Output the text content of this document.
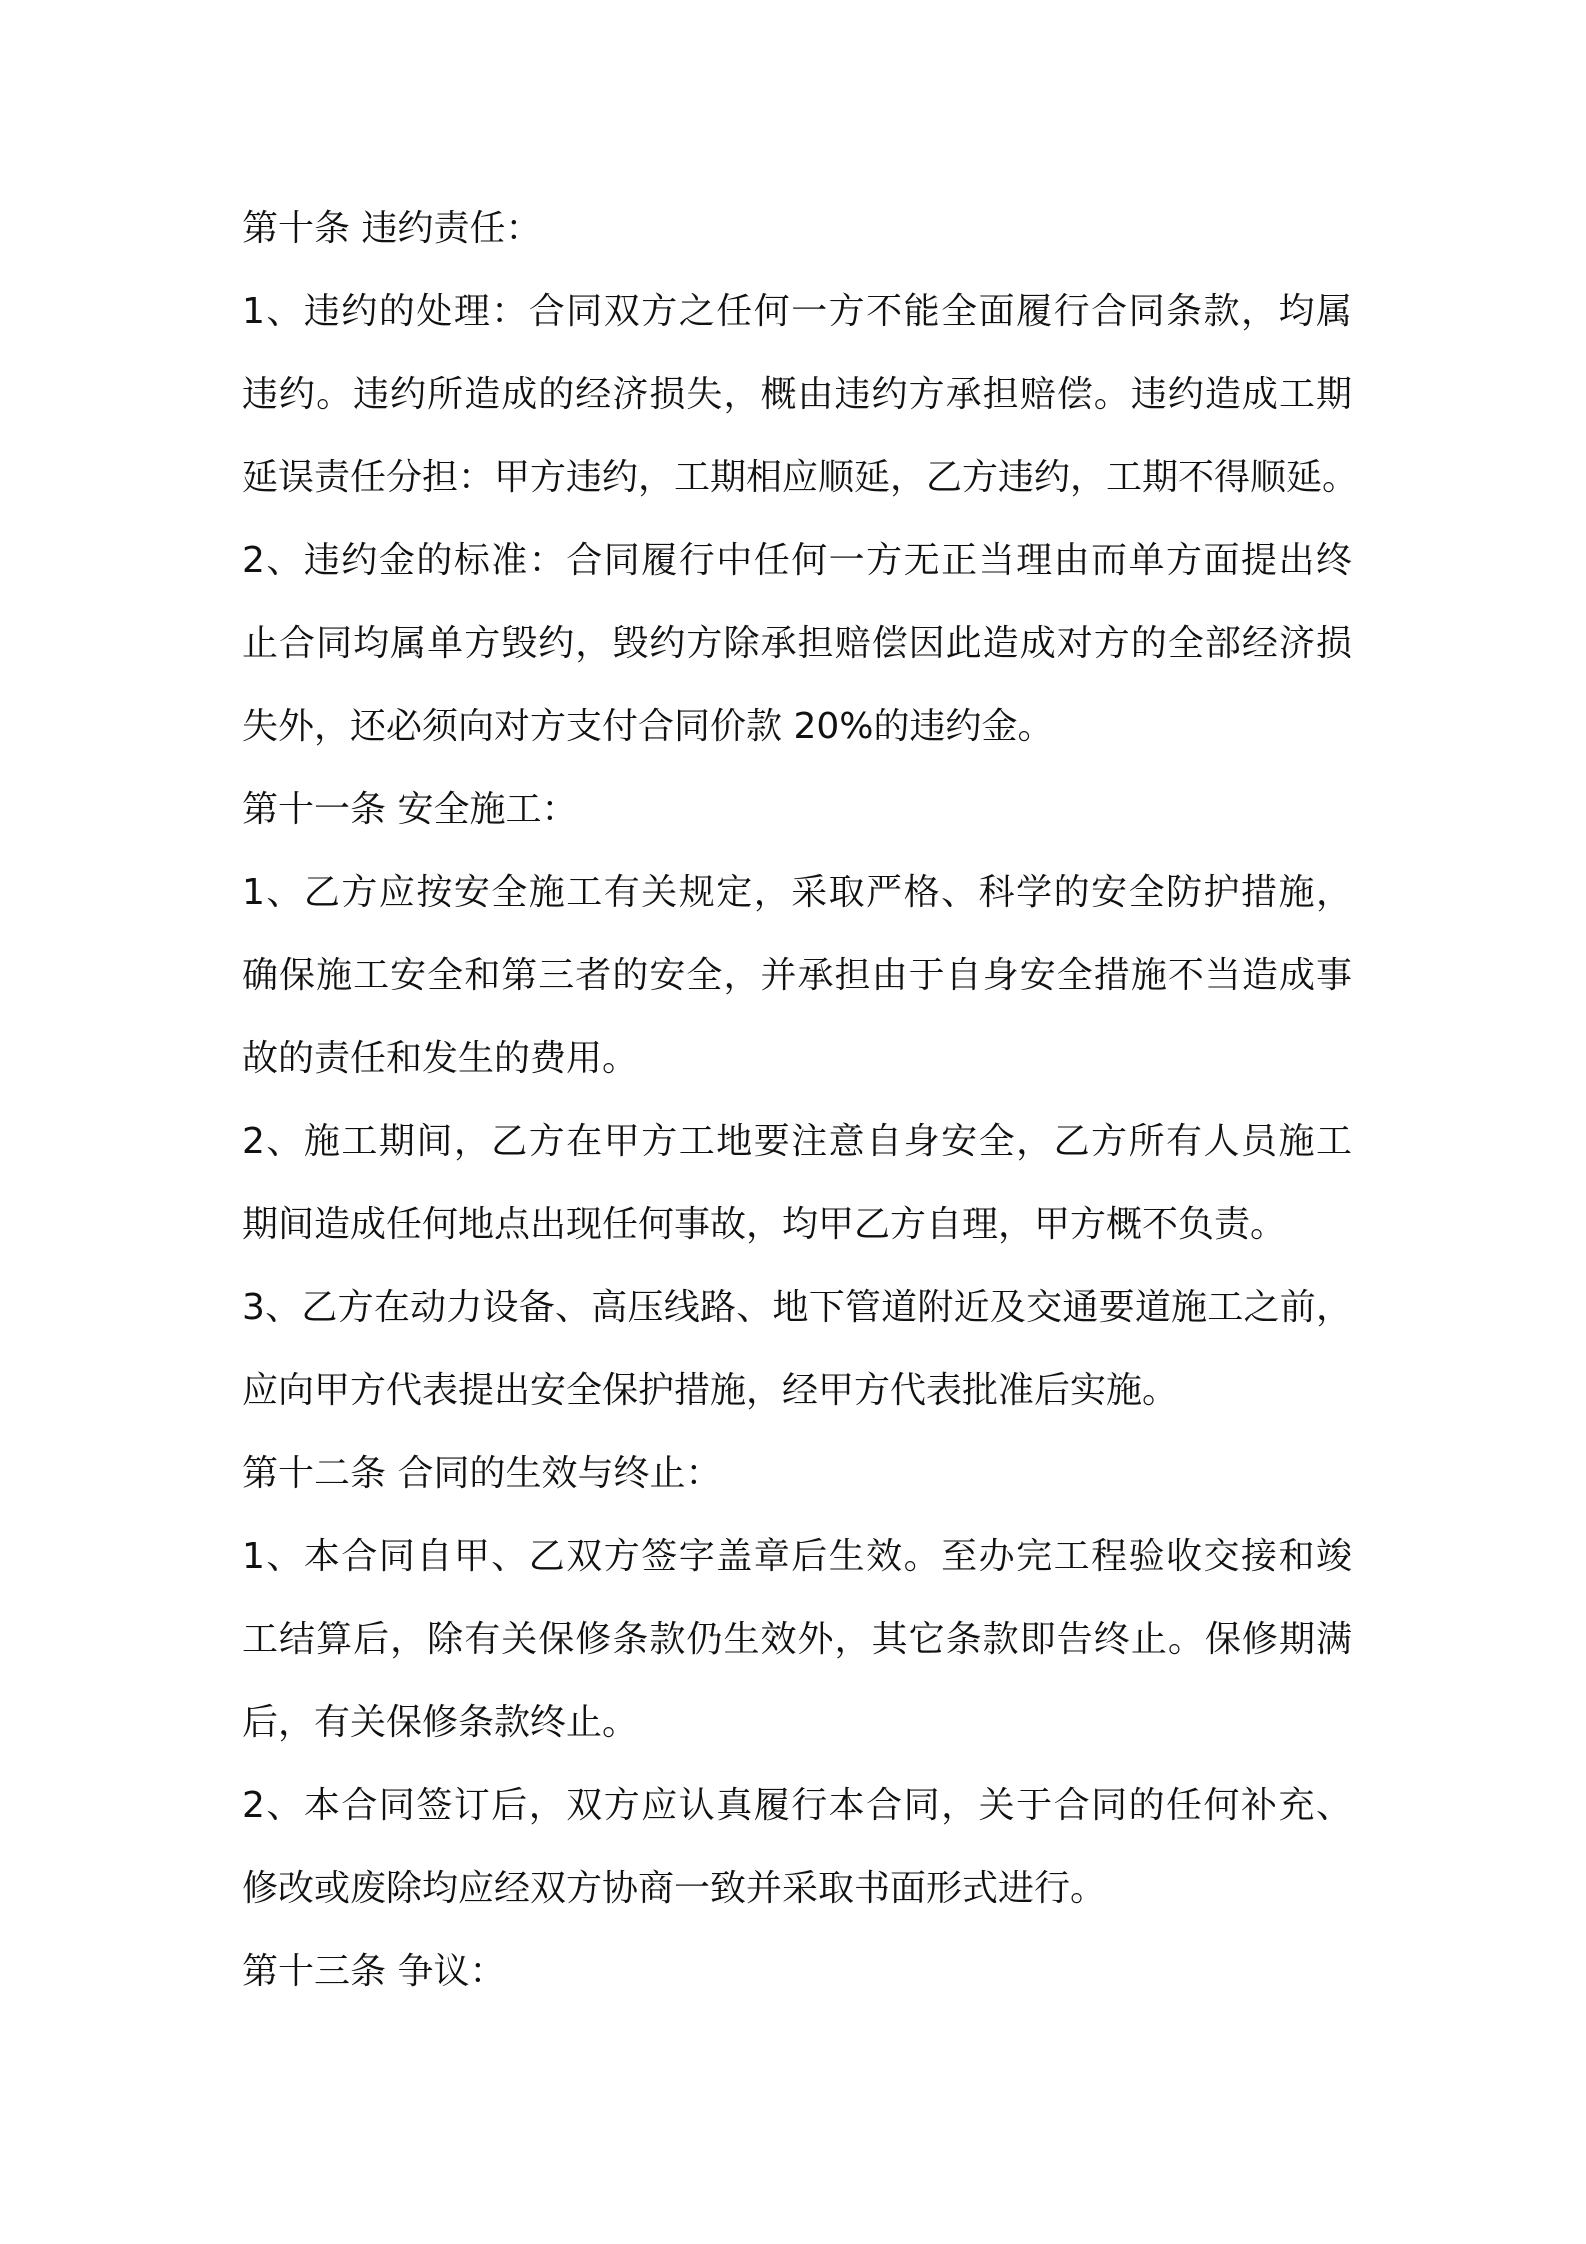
第十条 违约责任：
1、违约的处理：合同双方之任何一方不能全面履行合同条款，均属
违约。违约所造成的经济损失，概由违约方承担赔偿。违约造成工期
延误责任分担：甲方违约，工期相应顺延，乙方违约，工期不得顺延。
2、违约金的标准：合同履行中任何一方无正当理由而单方面提出终
止合同均属单方毁约，毁约方除承担赔偿因此造成对方的全部经济损
失外，还必须向对方支付合同价款 20%的违约金。
第十一条 安全施工：
1、乙方应按安全施工有关规定，采取严格、科学的安全防护措施，
确保施工安全和第三者的安全，并承担由于自身安全措施不当造成事
故的责任和发生的费用。
2、施工期间，乙方在甲方工地要注意自身安全，乙方所有人员施工
期间造成任何地点出现任何事故，均甲乙方自理，甲方概不负责。
3、乙方在动力设备、高压线路、地下管道附近及交通要道施工之前，
应向甲方代表提出安全保护措施，经甲方代表批准后实施。
第十二条 合同的生效与终止：
1、本合同自甲、乙双方签字盖章后生效。至办完工程验收交接和竣
工结算后，除有关保修条款仍生效外，其它条款即告终止。保修期满
后，有关保修条款终止。
2、本合同签订后，双方应认真履行本合同，关于合同的任何补充、
修改或废除均应经双方协商一致并采取书面形式进行。
第十三条 争议：
